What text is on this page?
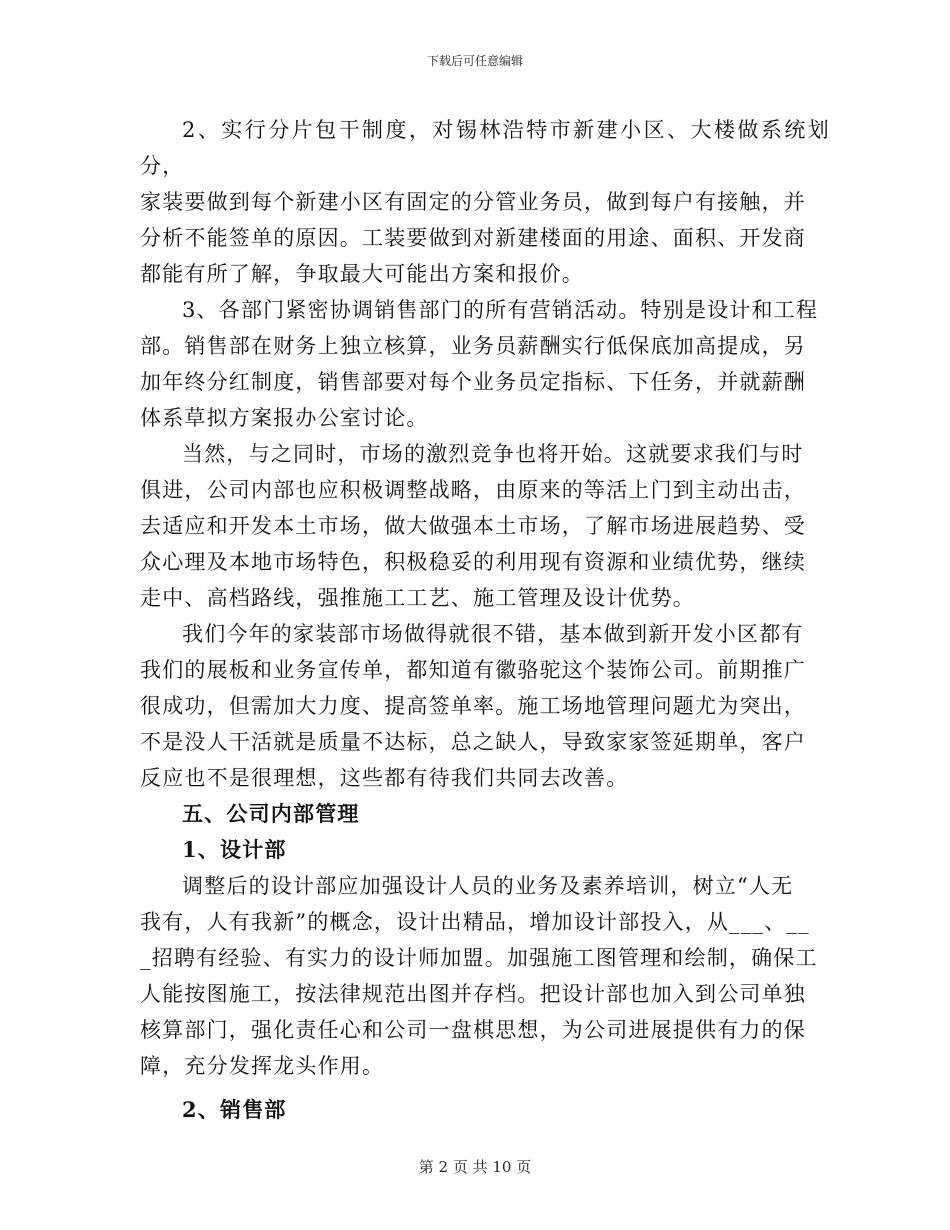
下载后可任意编辑
2、实行分片包干制度，对锡林浩特市新建小区、大楼做系统划分，
家装要做到每个新建小区有固定的分管业务员，做到每户有接触，并
分析不能签单的原因。工装要做到对新建楼面的用途、面积、开发商
都能有所了解，争取最大可能出方案和报价。
3、各部门紧密协调销售部门的所有营销活动。特别是设计和工程
部。销售部在财务上独立核算，业务员薪酬实行低保底加高提成，另
加年终分红制度，销售部要对每个业务员定指标、下任务，并就薪酬
体系草拟方案报办公室讨论。
当然，与之同时，市场的激烈竞争也将开始。这就要求我们与时
俱进，公司内部也应积极调整战略，由原来的等活上门到主动出击，
去适应和开发本土市场，做大做强本土市场，了解市场进展趋势、受
众心理及本地市场特色，积极稳妥的利用现有资源和业绩优势，继续
走中、高档路线，强推施工工艺、施工管理及设计优势。
我们今年的家装部市场做得就很不错，基本做到新开发小区都有
我们的展板和业务宣传单，都知道有徽骆驼这个装饰公司。前期推广
很成功，但需加大力度、提高签单率。施工场地管理问题尤为突出，
不是没人干活就是质量不达标，总之缺人，导致家家签延期单，客户
反应也不是很理想，这些都有待我们共同去改善。
五、公司内部管理
1、设计部
调整后的设计部应加强设计人员的业务及素养培训，树立“人无
我有，人有我新”的概念，设计出精品，增加设计部投入，从___、__
_招聘有经验、有实力的设计师加盟。加强施工图管理和绘制，确保工
人能按图施工，按法律规范出图并存档。把设计部也加入到公司单独
核算部门，强化责任心和公司一盘棋思想，为公司进展提供有力的保
障，充分发挥龙头作用。
2、销售部
第 2 页 共 10 页
